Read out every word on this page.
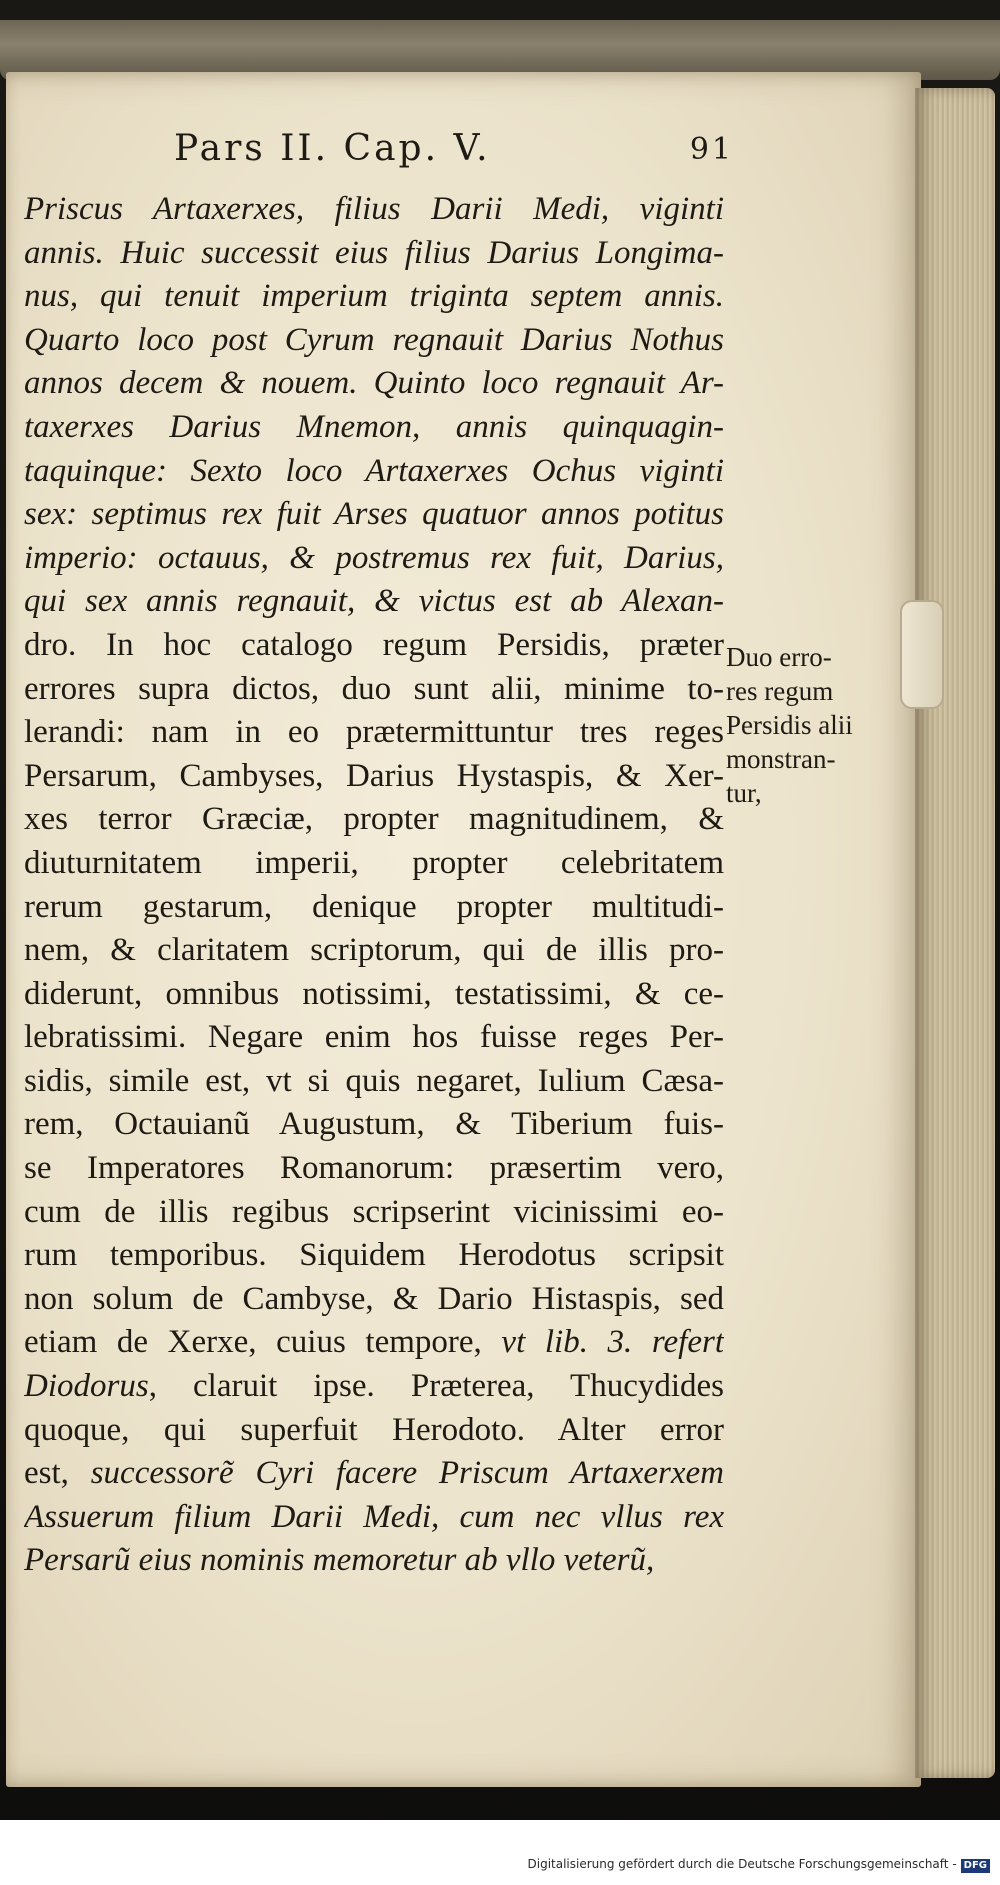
Pars II. Cap. V.	91
Priscus Artaxerxes, filius Darii Medi, viginti
annis. Huic successit eius filius Darius Longima-
nus, qui tenuit imperium triginta septem annis.
Quarto loco post Cyrum regnauit Darius Nothus
annos decem & nouem. Quinto loco regnauit Ar-
taxerxes Darius Mnemon, annis quinquagin-
taquinque: Sexto loco Artaxerxes Ochus viginti
sex: septimus rex fuit Arses quatuor annos potitus
imperio: octauus, & postremus rex fuit, Darius,
qui sex annis regnauit, & victus est ab Alexan-
dro. In hoc catalogo regum Persidis, præter
errores supra dictos, duo sunt alii, minime to-
lerandi: nam in eo prætermittuntur tres reges
Persarum, Cambyses, Darius Hystaspis, & Xer-
xes terror Græciæ, propter magnitudinem, &
diuturnitatem imperii, propter celebritatem
rerum gestarum, denique propter multitudi-
nem, & claritatem scriptorum, qui de illis pro-
diderunt, omnibus notissimi, testatissimi, & ce-
lebratissimi. Negare enim hos fuisse reges Per-
sidis, simile est, vt si quis negaret, Iulium Cæsa-
rem, Octauianũ Augustum, & Tiberium fuis-
se Imperatores Romanorum: præsertim vero,
cum de illis regibus scripserint vicinissimi eo-
rum temporibus. Siquidem Herodotus scripsit
non solum de Cambyse, & Dario Histaspis, sed
etiam de Xerxe, cuius tempore, vt lib. 3. refert
Diodorus, claruit ipse. Præterea, Thucydides
quoque, qui superfuit Herodoto. Alter error
est, successorẽ Cyri facere Priscum Artaxerxem
Assuerum filium Darii Medi, cum nec vllus rex
Persarũ eius nominis memoretur ab vllo veterũ,
Duo erro-
res regum
Persidis alii
monstran-
tur,
Digitalisierung gefördert durch die Deutsche Forschungsgemeinschaft - DFG
